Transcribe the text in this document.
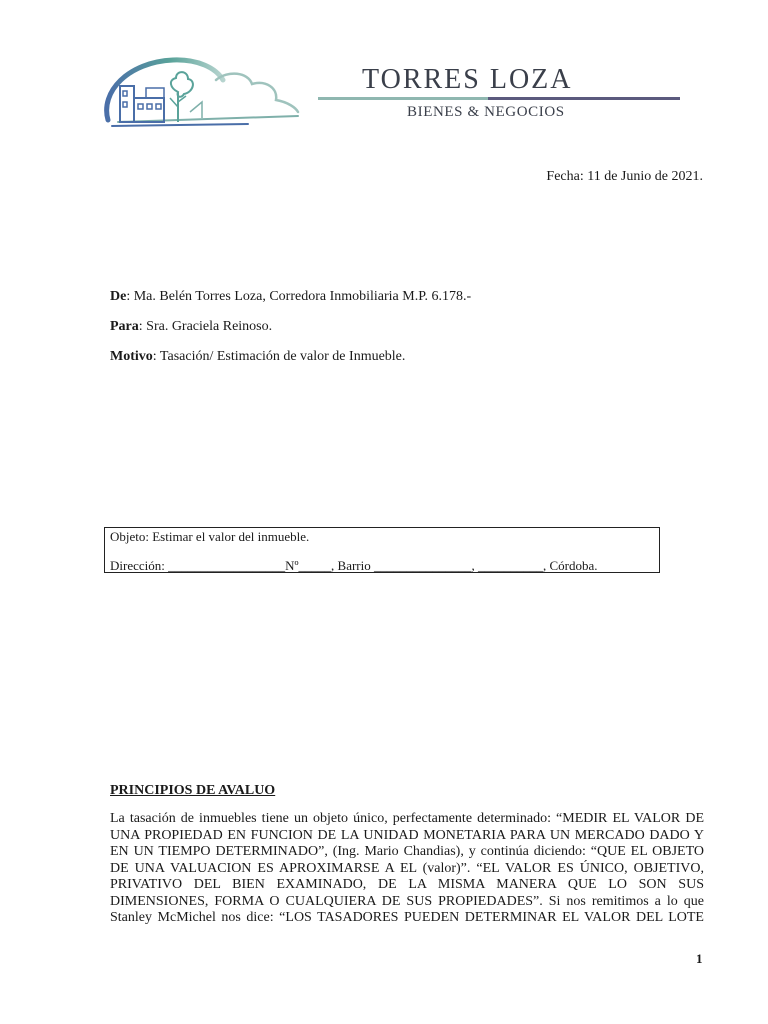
TORRES LOZA
BIENES & NEGOCIOS
Fecha: 11 de Junio de 2021.
De: Ma. Belén Torres Loza, Corredora Inmobiliaria M.P. 6.178.-
Para: Sra. Graciela Reinoso.
Motivo: Tasación/ Estimación de valor de Inmueble.
Objeto: Estimar el valor del inmueble.
Dirección: __________________Nº_____, Barrio _______________, __________, Córdoba.
PRINCIPIOS DE AVALUO
La tasación de inmuebles tiene un objeto único, perfectamente determinado: “MEDIR EL VALOR DE
UNA PROPIEDAD EN FUNCION DE LA UNIDAD MONETARIA PARA UN MERCADO DADO Y
EN UN TIEMPO DETERMINADO”, (Ing. Mario Chandias), y continúa diciendo: “QUE EL OBJETO
DE UNA VALUACION ES APROXIMARSE A EL (valor)”. “EL VALOR ES ÚNICO, OBJETIVO,
PRIVATIVO DEL BIEN EXAMINADO, DE LA MISMA MANERA QUE LO SON SUS
DIMENSIONES, FORMA O CUALQUIERA DE SUS PROPIEDADES”. Si nos remitimos a lo que
Stanley McMichel nos dice: “LOS TASADORES PUEDEN DETERMINAR EL VALOR DEL LOTE
1
